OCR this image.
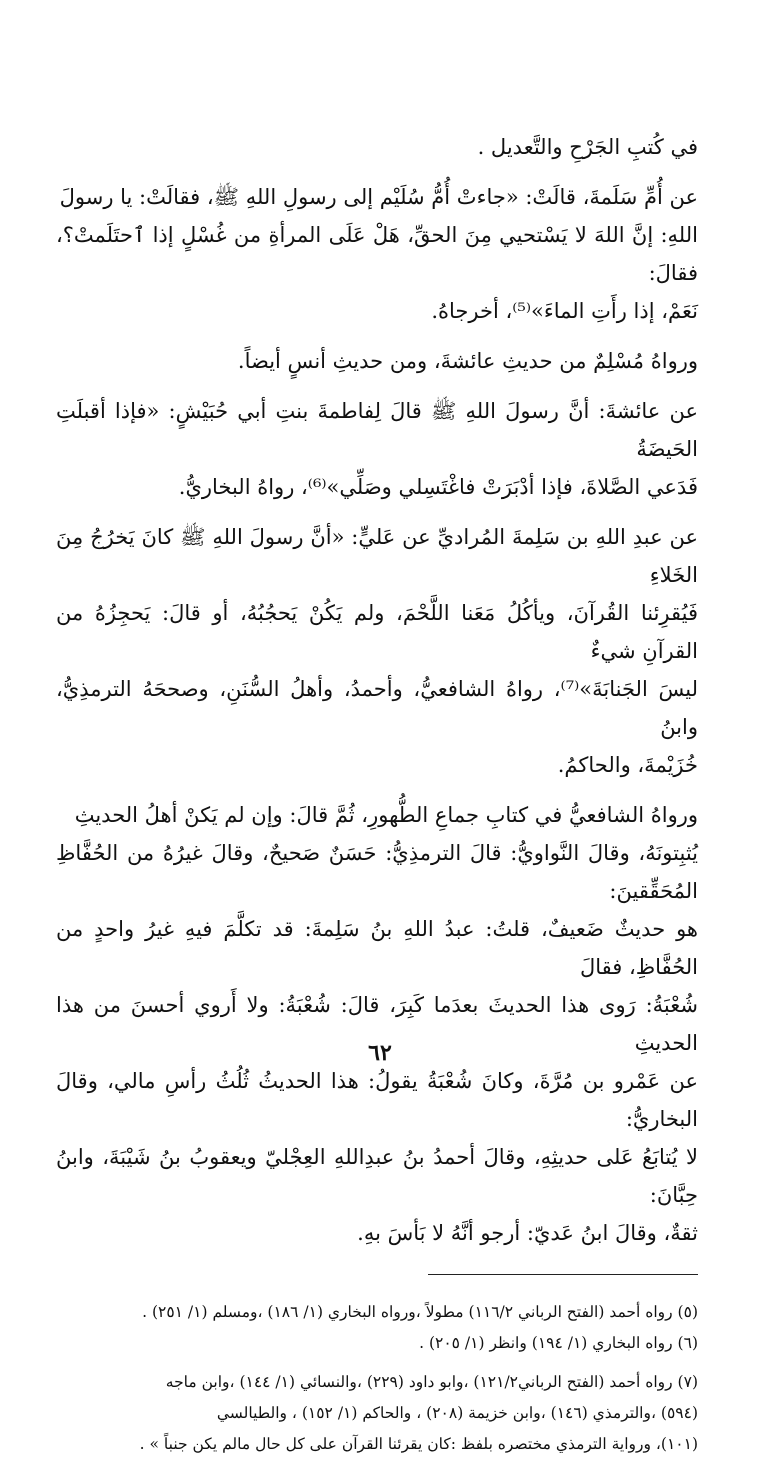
في كُتبِ الجَرْحِ والتَّعديل .
عن أُمِّ سَلَمةَ، قالَتْ: «جاءتْ أُمُّ سُلَيْم إلى رسولِ اللهِ ﷺ، فقالَتْ: يا رسولَ
اللهِ: إنَّ اللهَ لا يَسْتحيي مِنَ الحقِّ، هَلْ عَلَى المرأةِ من غُسْلٍ إذا ٱحتَلَمتْ؟، فقالَ:
نَعَمْ، إذا رأَتِ الماءَ»⁽⁵⁾، أخرجاهُ.
ورواهُ مُسْلِمٌ من حديثِ عائشةَ، ومن حديثِ أنسٍ أيضاً.
عن عائشةَ: أنَّ رسولَ اللهِ ﷺ قالَ لِفاطمةَ بنتِ أبي حُبَيْشٍ: «فإذا أقبلَتِ الحَيضَةُ
فَدَعي الصَّلاةَ، فإذا أدْبَرَتْ فاغْتَسِلي وصَلِّي»⁽⁶⁾، رواهُ البخاريُّ.
عن عبدِ اللهِ بن سَلِمةَ المُراديِّ عن عَليٍّ: «أنَّ رسولَ اللهِ ﷺ كانَ يَخرُجُ مِنَ الخَلاءِ
فَيُقرِئنا القُرآنَ، ويأكُلُ مَعَنا اللَّحْمَ، ولم يَكُنْ يَحجُبُهُ، أو قالَ: يَحجِزُهُ من القرآنِ شيءٌ
ليسَ الجَنابَةَ»⁽⁷⁾، رواهُ الشافعيُّ، وأحمدُ، وأهلُ السُّنَنِ، وصححَهُ الترمذِيُّ، وابنُ
خُزَيْمةَ، والحاكمُ.
ورواهُ الشافعيُّ في كتابِ جماعِ الطُّهورِ، ثُمَّ قالَ: وإن لم يَكنْ أهلُ الحديثِ
يُثبِتونَهُ، وقالَ النَّواويُّ: قالَ الترمذِيُّ: حَسَنٌ صَحيحٌ، وقالَ غيرُهُ من الحُفَّاظِ المُحَقِّقينَ:
هو حديثٌ ضَعيفٌ، قلتُ: عبدُ اللهِ بنُ سَلِمةَ: قد تكلَّمَ فيهِ غيرُ واحدٍ من الحُفَّاظِ، فقالَ
شُعْبَةُ: رَوى هذا الحديثَ بعدَما كَبِرَ، قالَ: شُعْبَةُ: ولا أَروي أحسنَ من هذا الحديثِ
عن عَمْرو بن مُرَّةَ، وكانَ شُعْبَةُ يقولُ: هذا الحديثُ ثُلُثُ رأسِ مالي، وقالَ البخاريُّ:
لا يُتابَعُ عَلى حديثِهِ، وقالَ أحمدُ بنُ عبدِاللهِ العِجْليّ ويعقوبُ بنُ شَيْبَةَ، وابنُ حِبَّانَ:
ثقةٌ، وقالَ ابنُ عَديّ: أرجو أنَّهُ لا بَأسَ بهِ.

(٥) رواه أحمد (الفتح الرباني ١١٦/٢) مطولاً ،ورواه البخاري (١/ ١٨٦) ،ومسلم (١/ ٢٥١) .

(٦) رواه البخاري (١/ ١٩٤) وانظر (١/ ٢٠٥) .

(٧) رواه أحمد (الفتح الرباني١٢١/٢) ،وابو داود (٢٢٩) ،والنسائي (١/ ١٤٤) ،وابن ماجه

(٥٩٤) ،والترمذي (١٤٦) ،وابن خزيمة (٢٠٨) ، والحاكم (١/ ١٥٢) ، والطيالسي

(١٠١)، ورواية الترمذي مختصره بلفظ :كان يقرئنا القرآن على كل حال مالم يكن جنباً » .

٦٢
